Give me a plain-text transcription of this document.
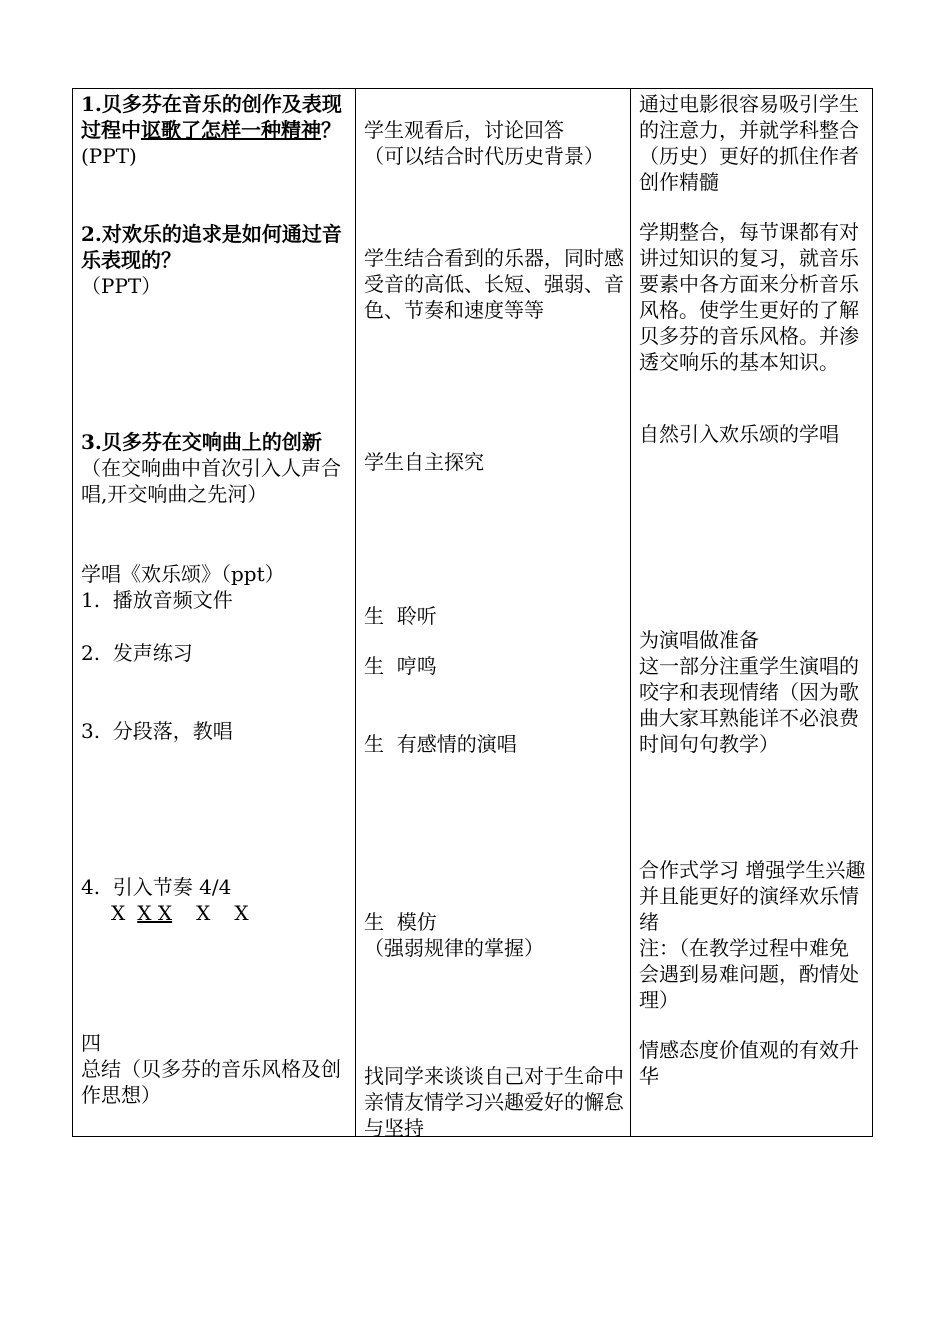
1.贝多芬在音乐的创作及表现过程中讴歌了怎样一种精神？(PPT)
2.对欢乐的追求是如何通过音乐表现的？
（PPT）
3.贝多芬在交响曲上的创新
（在交响曲中首次引入人声合唱,开交响曲之先河）
学唱《欢乐颂》（ppt）
1.  播放音频文件
2.  发声练习
3.  分段落，教唱
4.  引入节奏 4/4
X X X X X
四
总结（贝多芬的音乐风格及创作思想）
学生观看后，讨论回答
（可以结合时代历史背景）
学生结合看到的乐器，同时感受音的高低、长短、强弱、音色、节奏和速度等等
学生自主探究
生  聆听
生  哼鸣
生  有感情的演唱
生  模仿
（强弱规律的掌握）
找同学来谈谈自己对于生命中亲情友情学习兴趣爱好的懈怠与坚持
通过电影很容易吸引学生的注意力，并就学科整合（历史）更好的抓住作者创作精髓
学期整合，每节课都有对讲过知识的复习，就音乐要素中各方面来分析音乐风格。使学生更好的了解贝多芬的音乐风格。并渗透交响乐的基本知识。
自然引入欢乐颂的学唱
为演唱做准备
这一部分注重学生演唱的咬字和表现情绪（因为歌曲大家耳熟能详不必浪费时间句句教学）
合作式学习 增强学生兴趣并且能更好的演绎欢乐情绪
注：（在教学过程中难免会遇到易难问题，酌情处理）
情感态度价值观的有效升华
